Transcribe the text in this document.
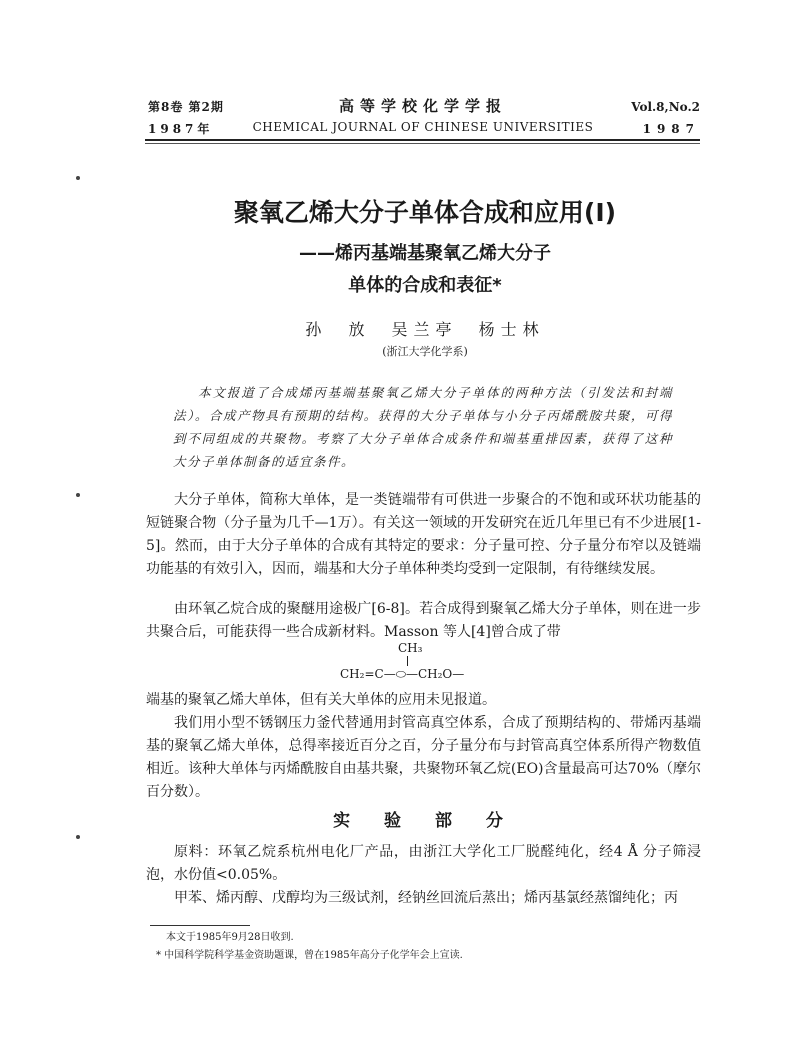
第8卷 第2期
1987年
高等学校化学学报
CHEMICAL JOURNAL OF CHINESE UNIVERSITIES
Vol.8,No.2
1987
聚氧乙烯大分子单体合成和应用(Ⅰ)
——烯丙基端基聚氧乙烯大分子
单体的合成和表征*
孙 放 吴兰亭 杨士林
(浙江大学化学系)
本文报道了合成烯丙基端基聚氧乙烯大分子单体的两种方法（引发法和封端法）。合成产物具有预期的结构。获得的大分子单体与小分子丙烯酰胺共聚，可得到不同组成的共聚物。考察了大分子单体合成条件和端基重排因素，获得了这种大分子单体制备的适宜条件。
大分子单体，简称大单体，是一类链端带有可供进一步聚合的不饱和或环状功能基的短链聚合物（分子量为几千—1万）。有关这一领域的开发研究在近几年里已有不少进展[1-5]。然而，由于大分子单体的合成有其特定的要求：分子量可控、分子量分布窄以及链端功能基的有效引入，因而，端基和大分子单体种类均受到一定限制，有待继续发展。
由环氧乙烷合成的聚醚用途极广[6-8]。若合成得到聚氧乙烯大分子单体，则在进一步共聚合后，可能获得一些合成新材料。Masson 等人[4]曾合成了带
CH₃
CH₂=C—⬭—CH₂O—
端基的聚氧乙烯大单体，但有关大单体的应用未见报道。
我们用小型不锈钢压力釜代替通用封管高真空体系，合成了预期结构的、带烯丙基端基的聚氧乙烯大单体，总得率接近百分之百，分子量分布与封管高真空体系所得产物数值相近。该种大单体与丙烯酰胺自由基共聚，共聚物环氧乙烷(EO)含量最高可达70%（摩尔百分数）。
实 验 部 分
原料：环氧乙烷系杭州电化厂产品，由浙江大学化工厂脱醛纯化，经4 Å 分子筛浸泡，水份值<0.05%。
甲苯、烯丙醇、戊醇均为三级试剂，经钠丝回流后蒸出；烯丙基氯经蒸馏纯化；丙
本文于1985年9月28日收到.
* 中国科学院科学基金资助题课，曾在1985年高分子化学年会上宣读.
